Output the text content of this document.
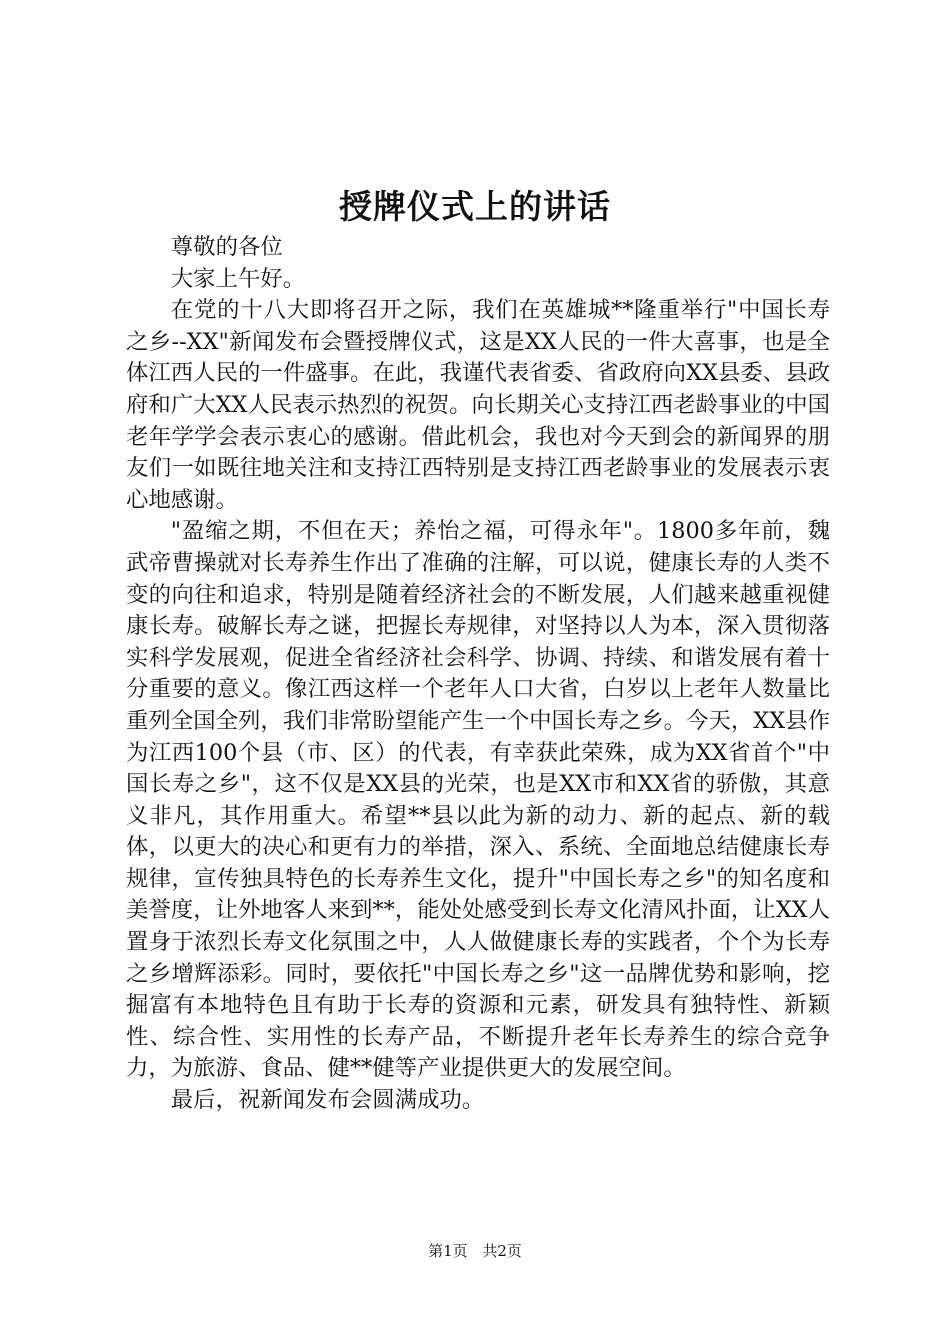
授牌仪式上的讲话

尊敬的各位

大家上午好。

在党的十八大即将召开之际，我们在英雄城**隆重举行"中国长寿之乡--XX"新闻发布会暨授牌仪式，这是XX人民的一件大喜事，也是全体江西人民的一件盛事。在此，我谨代表省委、省政府向XX县委、县政府和广大XX人民表示热烈的祝贺。向长期关心支持江西老龄事业的中国老年学学会表示衷心的感谢。借此机会，我也对今天到会的新闻界的朋友们一如既往地关注和支持江西特别是支持江西老龄事业的发展表示衷心地感谢。

"盈缩之期，不但在天；养怡之福，可得永年"。1800多年前，魏武帝曹操就对长寿养生作出了准确的注解，可以说，健康长寿的人类不变的向往和追求，特别是随着经济社会的不断发展，人们越来越重视健康长寿。破解长寿之谜，把握长寿规律，对坚持以人为本，深入贯彻落实科学发展观，促进全省经济社会科学、协调、持续、和谐发展有着十分重要的意义。像江西这样一个老年人口大省，白岁以上老年人数量比重列全国全列，我们非常盼望能产生一个中国长寿之乡。今天，XX县作为江西100个县（市、区）的代表，有幸获此荣殊，成为XX省首个"中国长寿之乡"，这不仅是XX县的光荣，也是XX市和XX省的骄傲，其意义非凡，其作用重大。希望**县以此为新的动力、新的起点、新的载体，以更大的决心和更有力的举措，深入、系统、全面地总结健康长寿规律，宣传独具特色的长寿养生文化，提升"中国长寿之乡"的知名度和美誉度，让外地客人来到**，能处处感受到长寿文化清风扑面，让XX人置身于浓烈长寿文化氛围之中，人人做健康长寿的实践者，个个为长寿之乡增辉添彩。同时，要依托"中国长寿之乡"这一品牌优势和影响，挖掘富有本地特色且有助于长寿的资源和元素，研发具有独特性、新颖性、综合性、实用性的长寿产品，不断提升老年长寿养生的综合竞争力，为旅游、食品、健**健等产业提供更大的发展空间。

最后，祝新闻发布会圆满成功。

第1页 共2页
